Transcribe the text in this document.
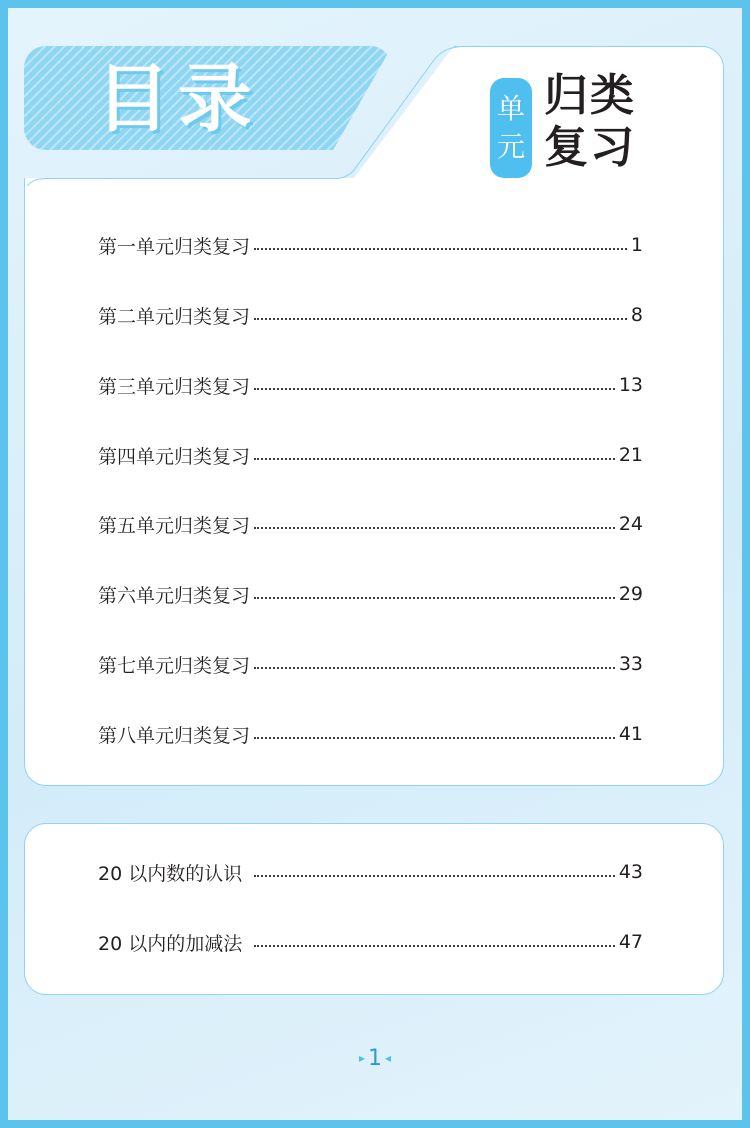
目录	单
元
归类
复习
第一单元归类复习	1
第二单元归类复习	8
第三单元归类复习	13
第四单元归类复习	21
第五单元归类复习	24
第六单元归类复习	29
第七单元归类复习	33
第八单元归类复习	41
20 以内数的认识	43
20 以内的加减法	47
▸ 1 ◂
